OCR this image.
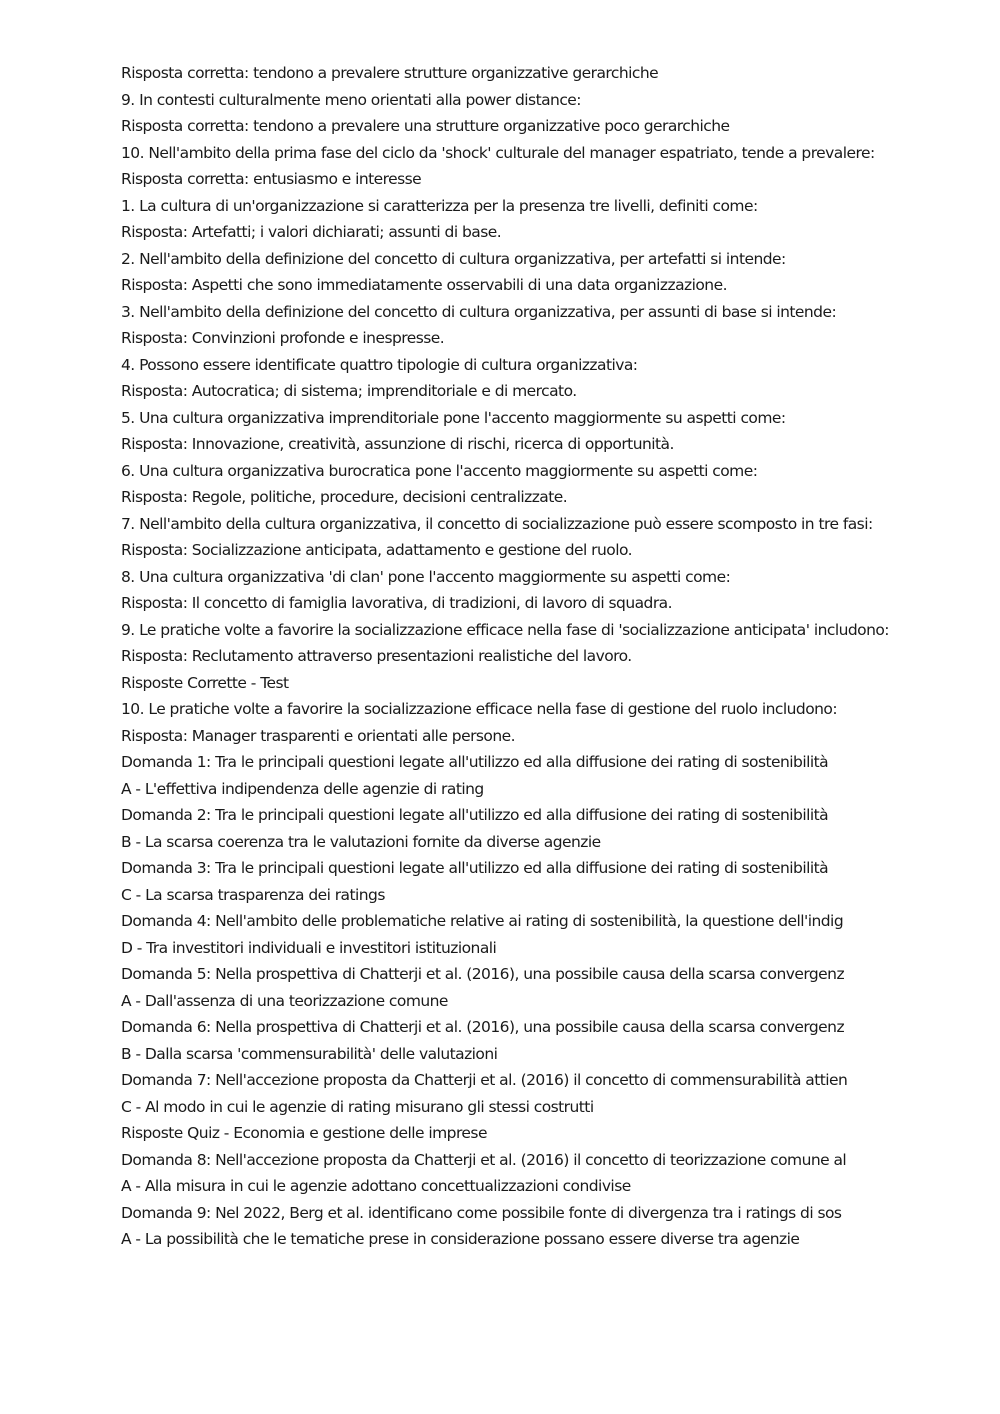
Risposta corretta: tendono a prevalere strutture organizzative gerarchiche
9. In contesti culturalmente meno orientati alla power distance:
Risposta corretta: tendono a prevalere una strutture organizzative poco gerarchiche
10. Nell'ambito della prima fase del ciclo da 'shock' culturale del manager espatriato, tende a prevalere:
Risposta corretta: entusiasmo e interesse
1. La cultura di un'organizzazione si caratterizza per la presenza tre livelli, definiti come:
Risposta: Artefatti; i valori dichiarati; assunti di base.
2. Nell'ambito della definizione del concetto di cultura organizzativa, per artefatti si intende:
Risposta: Aspetti che sono immediatamente osservabili di una data organizzazione.
3. Nell'ambito della definizione del concetto di cultura organizzativa, per assunti di base si intende:
Risposta: Convinzioni profonde e inespresse.
4. Possono essere identificate quattro tipologie di cultura organizzativa:
Risposta: Autocratica; di sistema; imprenditoriale e di mercato.
5. Una cultura organizzativa imprenditoriale pone l'accento maggiormente su aspetti come:
Risposta: Innovazione, creatività, assunzione di rischi, ricerca di opportunità.
6. Una cultura organizzativa burocratica pone l'accento maggiormente su aspetti come:
Risposta: Regole, politiche, procedure, decisioni centralizzate.
7. Nell'ambito della cultura organizzativa, il concetto di socializzazione può essere scomposto in tre fasi:
Risposta: Socializzazione anticipata, adattamento e gestione del ruolo.
8. Una cultura organizzativa 'di clan' pone l'accento maggiormente su aspetti come:
Risposta: Il concetto di famiglia lavorativa, di tradizioni, di lavoro di squadra.
9. Le pratiche volte a favorire la socializzazione efficace nella fase di 'socializzazione anticipata' includono:
Risposta: Reclutamento attraverso presentazioni realistiche del lavoro.
Risposte Corrette - Test
10. Le pratiche volte a favorire la socializzazione efficace nella fase di gestione del ruolo includono:
Risposta: Manager trasparenti e orientati alle persone.
Domanda 1: Tra le principali questioni legate all'utilizzo ed alla diffusione dei rating di sostenibilità
A - L'effettiva indipendenza delle agenzie di rating
Domanda 2: Tra le principali questioni legate all'utilizzo ed alla diffusione dei rating di sostenibilità
B - La scarsa coerenza tra le valutazioni fornite da diverse agenzie
Domanda 3: Tra le principali questioni legate all'utilizzo ed alla diffusione dei rating di sostenibilità
C - La scarsa trasparenza dei ratings
Domanda 4: Nell'ambito delle problematiche relative ai rating di sostenibilità, la questione dell'indig
D - Tra investitori individuali e investitori istituzionali
Domanda 5: Nella prospettiva di Chatterji et al. (2016), una possibile causa della scarsa convergenz
A - Dall'assenza di una teorizzazione comune
Domanda 6: Nella prospettiva di Chatterji et al. (2016), una possibile causa della scarsa convergenz
B - Dalla scarsa 'commensurabilità' delle valutazioni
Domanda 7: Nell'accezione proposta da Chatterji et al. (2016) il concetto di commensurabilità attien
C - Al modo in cui le agenzie di rating misurano gli stessi costrutti
Risposte Quiz - Economia e gestione delle imprese
Domanda 8: Nell'accezione proposta da Chatterji et al. (2016) il concetto di teorizzazione comune al
A - Alla misura in cui le agenzie adottano concettualizzazioni condivise
Domanda 9: Nel 2022, Berg et al. identificano come possibile fonte di divergenza tra i ratings di sos
A - La possibilità che le tematiche prese in considerazione possano essere diverse tra agenzie
